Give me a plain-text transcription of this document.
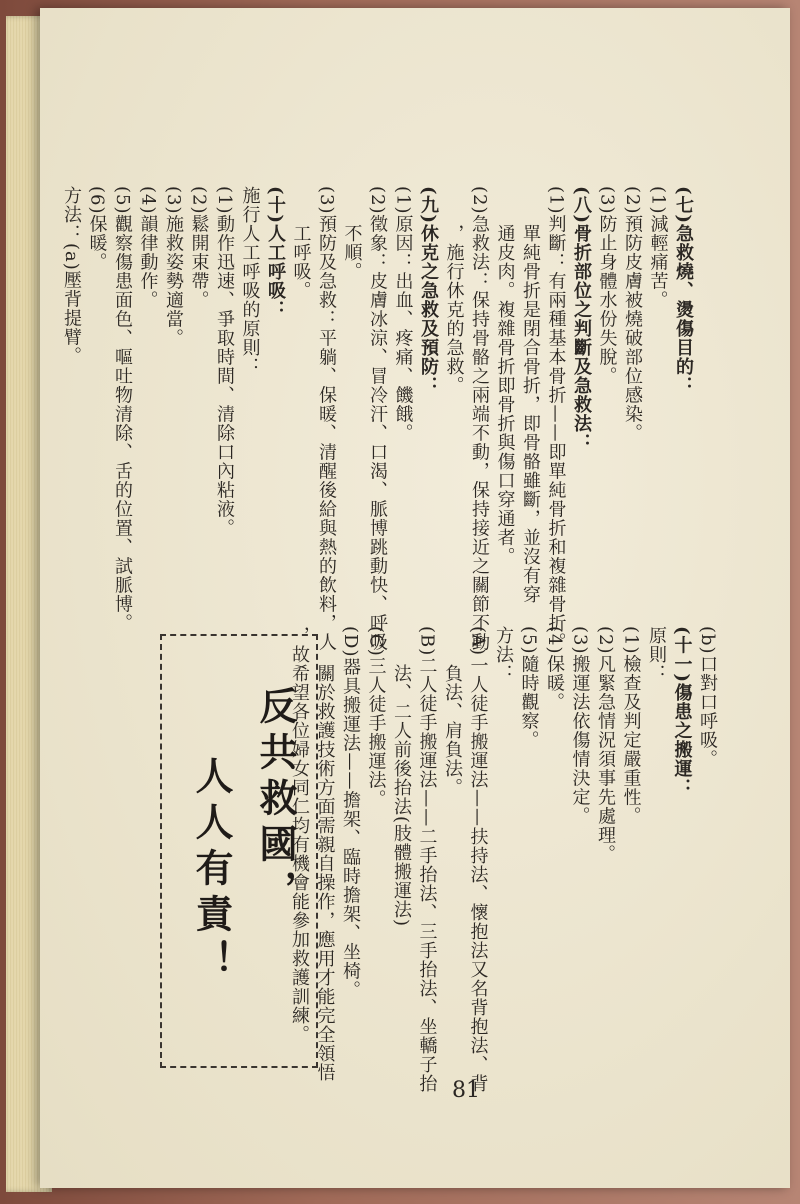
(七)急救燒、燙傷目的：
(1)減輕痛苦。
(2)預防皮膚被燒破部位感染。
(3)防止身體水份失脫。
(八)骨折部位之判斷及急救法：
(1)判斷：有兩種基本骨折——即單純骨折和複雜骨折。
　　單純骨折是閉合骨折，即骨骼雖斷，並沒有穿
　　通皮肉。複雜骨折即骨折與傷口穿通者。
(2)急救法：保持骨骼之兩端不動，保持接近之關節不動
　　，施行休克的急救。
(九)休克之急救及預防：
(1)原因：出血、疼痛、饑餓。
(2)徵象：皮膚冰涼、冒冷汗、口渴、脈博跳動快、呼吸
　　不順。
(3)預防及急救：平躺、保暖、清醒後給與熱的飲料，人
　　工呼吸。
(十)人工呼吸：
施行人工呼吸的原則：
(1)動作迅速、爭取時間、清除口內粘液。
(2)鬆開束帶。
(3)施救姿勢適當。
(4)韻律動作。
(5)觀察傷患面色、嘔吐物清除、舌的位置、試脈博。
(6)保暖。
方法：(a)壓背提臂。
(b)口對口呼吸。
(十一)傷患之搬運：
原則：
(1)檢查及判定嚴重性。
(2)凡緊急情況須事先處理。
(3)搬運法依傷情決定。
(4)保暖。
(5)隨時觀察。
方法：
(A)一人徒手搬運法——扶持法、懷抱法又名背抱法、背
　　負法、肩負法。
(B)二人徒手搬運法——二手抬法、三手抬法、坐轎子抬
　　法、二人前後抬法(肢體搬運法)
(C)三人徒手搬運法。
(D)器具搬運法——擔架、臨時擔架、坐椅。
　　關於救護技術方面需親自操作，應用才能完全領悟
，故希望各位婦女同仁均有機會能參加救護訓練。
反共救國，
人人有責！
81
